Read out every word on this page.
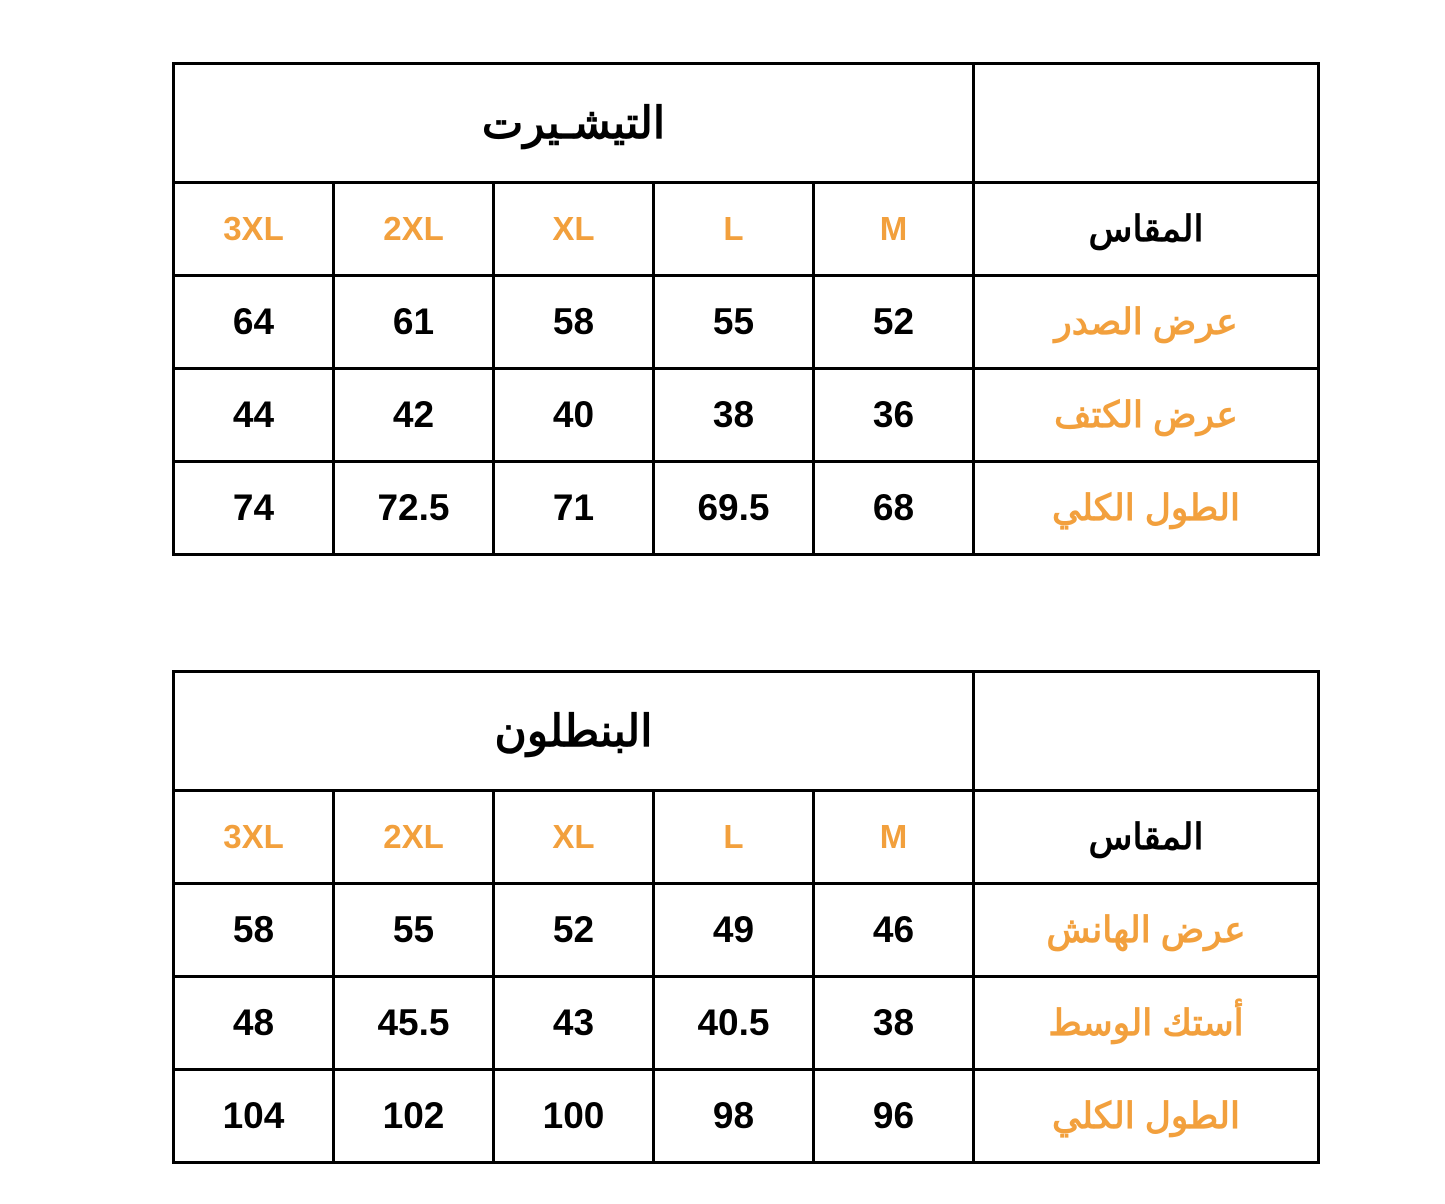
	التيشـيرت				
المقاس	M	L	XL	2XL	3XL
عرض الصدر	52	55	58	61	64
عرض الكتف	36	38	40	42	44
الطول الكلي	68	69.5	71	72.5	74
	البنطلون				
المقاس	M	L	XL	2XL	3XL
عرض الهانش	46	49	52	55	58
أستك الوسط	38	40.5	43	45.5	48
الطول الكلي	96	98	100	102	104
